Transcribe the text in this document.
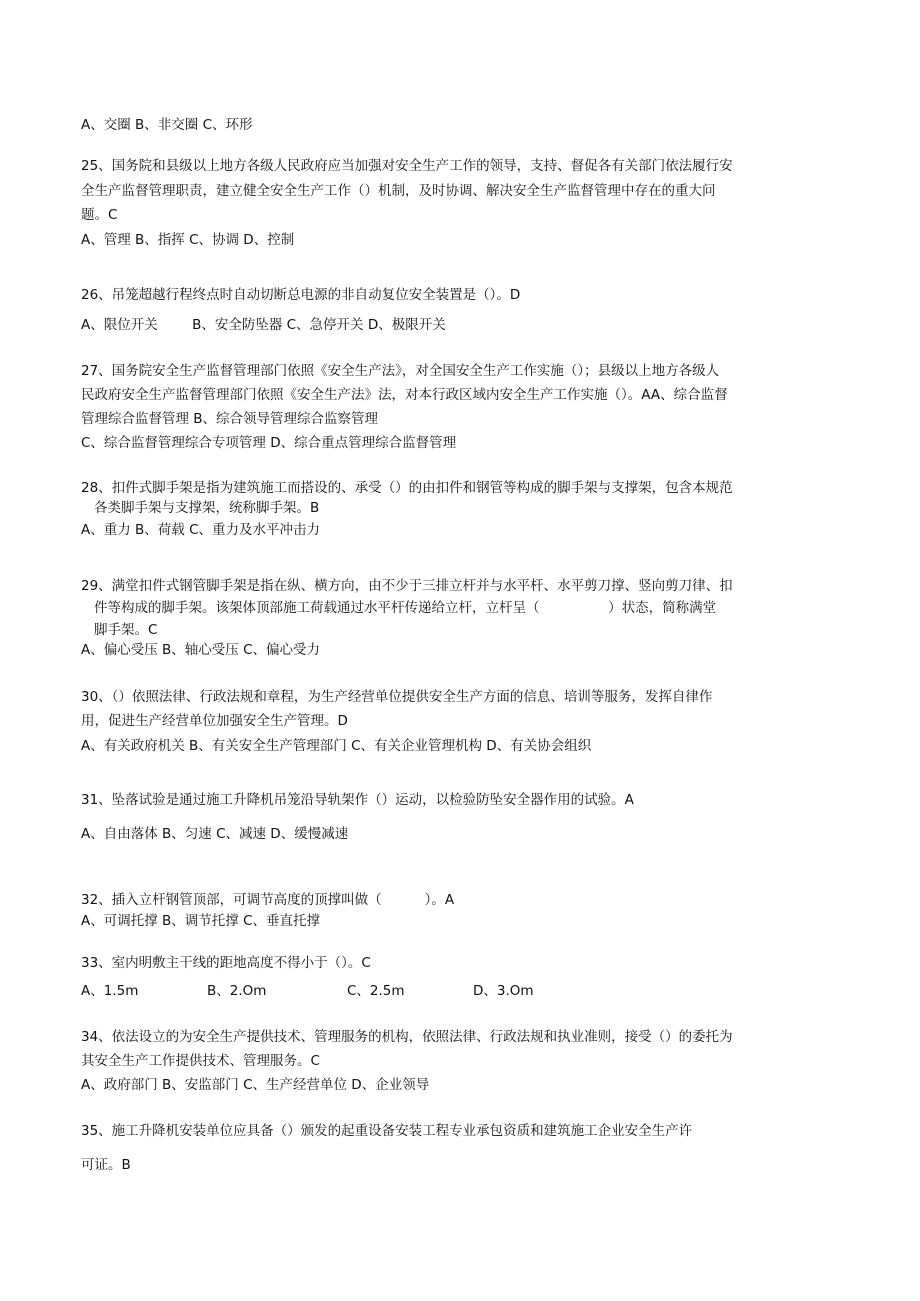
A、交圈 B、非交圈 C、环形
25、国务院和县级以上地方各级人民政府应当加强对安全生产工作的领导，支持、督促各有关部门依法履行安
全生产监督管理职责，建立健全安全生产工作（）机制，及时协调、解决安全生产监督管理中存在的重大问
题。C
A、管理 B、指挥 C、协调 D、控制
26、吊笼超越行程终点时自动切断总电源的非自动复位安全装置是（）。D
A、限位开关        B、安全防坠器 C、急停开关 D、极限开关
27、国务院安全生产监督管理部门依照《安全生产法》，对全国安全生产工作实施（）；县级以上地方各级人
民政府安全生产监督管理部门依照《安全生产法》法，对本行政区域内安全生产工作实施（）。AA、综合监督
管理综合监督管理 B、综合领导管理综合监察管理
C、综合监督管理综合专项管理 D、综合重点管理综合监督管理
28、扣件式脚手架是指为建筑施工而搭设的、承受（）的由扣件和钢管等构成的脚手架与支撑架，包含本规范
各类脚手架与支撑架，统称脚手架。B
A、重力 B、荷载 C、重力及水平冲击力
29、满堂扣件式钢管脚手架是指在纵、横方向，由不少于三排立杆并与水平杆、水平剪刀撑、竖向剪刀律、扣
件等构成的脚手架。该架体顶部施工荷载通过水平杆传递给立杆，立杆呈（                ）状态，简称满堂
脚手架。C
A、偏心受压 B、轴心受压 C、偏心受力
30、（）依照法律、行政法规和章程，为生产经营单位提供安全生产方面的信息、培训等服务，发挥自律作
用，促进生产经营单位加强安全生产管理。D
A、有关政府机关 B、有关安全生产管理部门 C、有关企业管理机构 D、有关协会组织
31、坠落试验是通过施工升降机吊笼沿导轨架作（）运动，以检验防坠安全器作用的试验。A
A、自由落体 B、匀速 C、减速 D、缓慢减速
32、插入立杆钢管顶部，可调节高度的顶撑叫做（          ）。A
A、可调托撑 B、调节托撑 C、垂直托撑
33、室内明敷主干线的距地高度不得小于（）。C
A、1.5m	B、2.Om	C、2.5m	D、3.Om
34、依法设立的为安全生产提供技术、管理服务的机构，依照法律、行政法规和执业准则，接受（）的委托为
其安全生产工作提供技术、管理服务。C
A、政府部门 B、安监部门 C、生产经营单位 D、企业领导
35、施工升降机安装单位应具备（）颁发的起重设备安装工程专业承包资质和建筑施工企业安全生产许
可证。B
